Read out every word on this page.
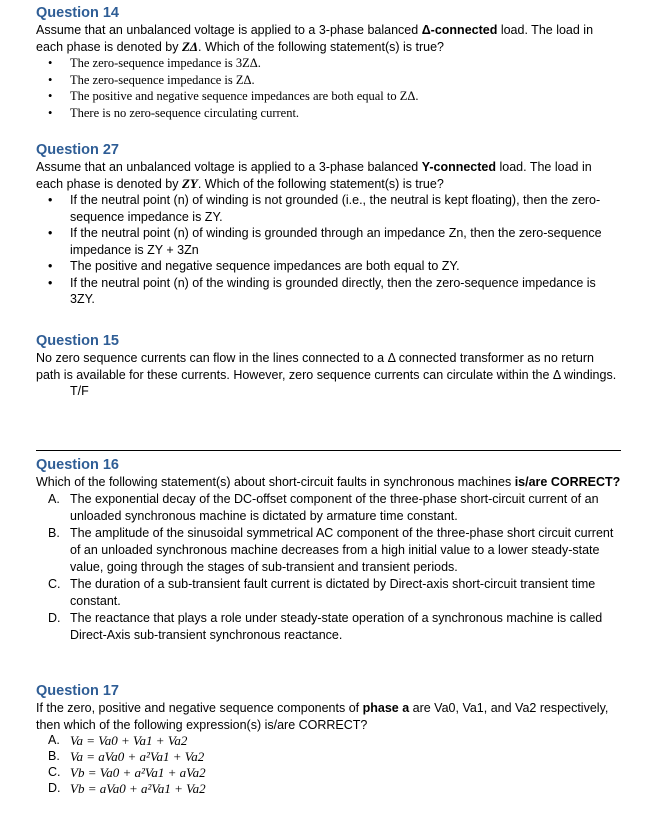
Question 14

Assume that an unbalanced voltage is applied to a 3-phase balanced Δ-connected load. The load in each phase is denoted by ZΔ. Which of the following statement(s) is true?

• The zero-sequence impedance is 3ZΔ.
• The zero-sequence impedance is ZΔ.
• The positive and negative sequence impedances are both equal to ZΔ.
• There is no zero-sequence circulating current.

Question 27

Assume that an unbalanced voltage is applied to a 3-phase balanced Y-connected load. The load in each phase is denoted by ZY. Which of the following statement(s) is true?

• If the neutral point (n) of winding is not grounded (i.e., the neutral is kept floating), then the zero-sequence impedance is ZY.
• If the neutral point (n) of winding is grounded through an impedance Zn, then the zero-sequence impedance is ZY + 3Zn
• The positive and negative sequence impedances are both equal to ZY.
• If the neutral point (n) of the winding is grounded directly, then the zero-sequence impedance is 3ZY.

Question 15

No zero sequence currents can flow in the lines connected to a Δ connected transformer as no return path is available for these currents. However, zero sequence currents can circulate within the Δ windings.

T/F

Question 16

Which of the following statement(s) about short-circuit faults in synchronous machines is/are CORRECT?

A. The exponential decay of the DC-offset component of the three-phase short-circuit current of an unloaded synchronous machine is dictated by armature time constant.
B. The amplitude of the sinusoidal symmetrical AC component of the three-phase short circuit current of an unloaded synchronous machine decreases from a high initial value to a lower steady-state value, going through the stages of sub-transient and transient periods.
C. The duration of a sub-transient fault current is dictated by Direct-axis short-circuit transient time constant.
D. The reactance that plays a role under steady-state operation of a synchronous machine is called Direct-Axis sub-transient synchronous reactance.

Question 17

If the zero, positive and negative sequence components of phase a are Va0, Va1, and Va2 respectively, then which of the following expression(s) is/are CORRECT?

A. Va = Va0 + Va1 + Va2
B. Va = aVa0 + a²Va1 + Va2
C. Vb = Va0 + a²Va1 + aVa2
D. Vb = aVa0 + a²Va1 + Va2
